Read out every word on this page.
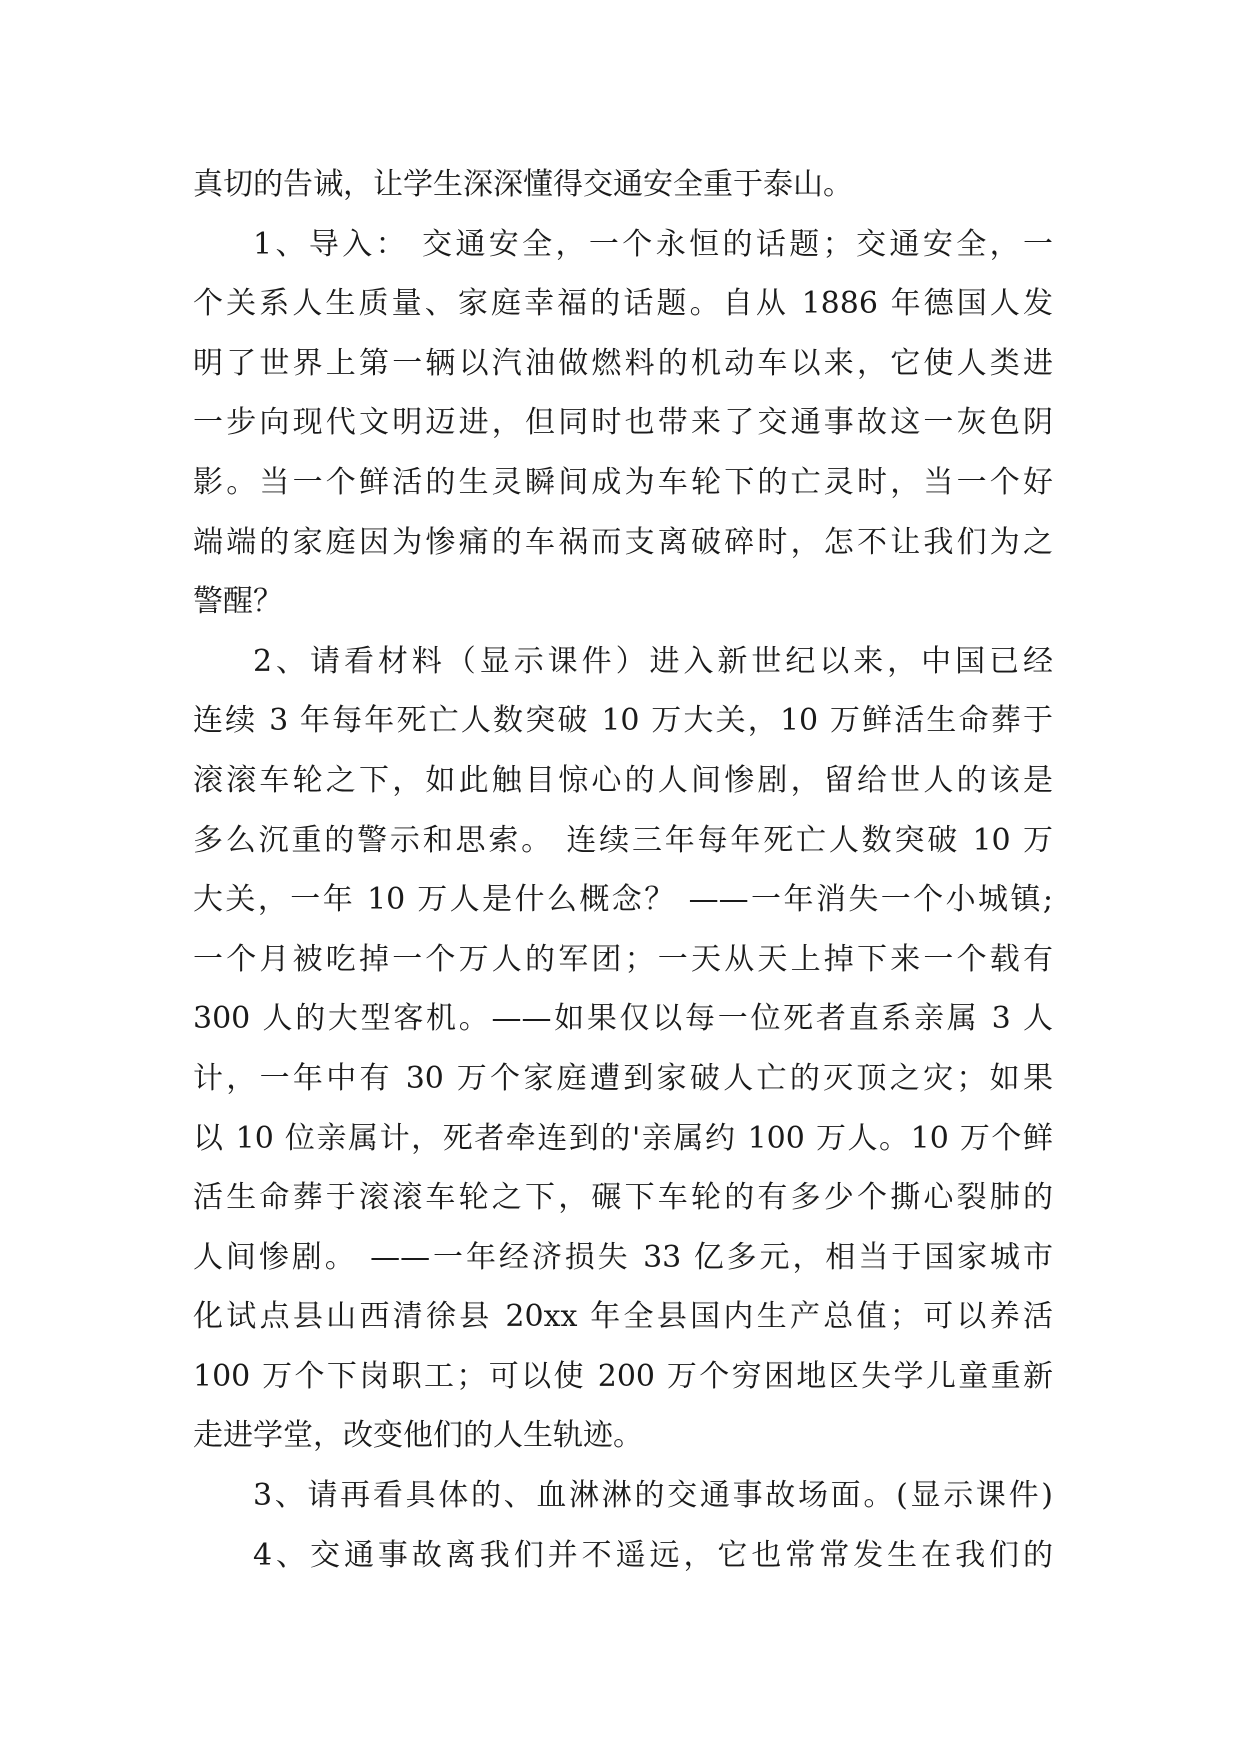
真切的告诫，让学生深深懂得交通安全重于泰山。
1、导入： 交通安全，一个永恒的话题；交通安全，一
个关系人生质量、家庭幸福的话题。自从 1886 年德国人发
明了世界上第一辆以汽油做燃料的机动车以来，它使人类进
一步向现代文明迈进，但同时也带来了交通事故这一灰色阴
影。当一个鲜活的生灵瞬间成为车轮下的亡灵时，当一个好
端端的家庭因为惨痛的车祸而支离破碎时，怎不让我们为之
警醒？
2、请看材料（显示课件）进入新世纪以来，中国已经
连续 3 年每年死亡人数突破 10 万大关，10 万鲜活生命葬于
滚滚车轮之下，如此触目惊心的人间惨剧，留给世人的该是
多么沉重的警示和思索。 连续三年每年死亡人数突破 10 万
大关，一年 10 万人是什么概念？ ——一年消失一个小城镇;
一个月被吃掉一个万人的军团；一天从天上掉下来一个载有
300 人的大型客机。——如果仅以每一位死者直系亲属 3 人
计，一年中有 30 万个家庭遭到家破人亡的灭顶之灾；如果
以 10 位亲属计，死者牵连到的'亲属约 100 万人。10 万个鲜
活生命葬于滚滚车轮之下，碾下车轮的有多少个撕心裂肺的
人间惨剧。 ——一年经济损失 33 亿多元，相当于国家城市
化试点县山西清徐县 20xx 年全县国内生产总值；可以养活
100 万个下岗职工；可以使 200 万个穷困地区失学儿童重新
走进学堂，改变他们的人生轨迹。
3、请再看具体的、血淋淋的交通事故场面。(显示课件)
4、交通事故离我们并不遥远，它也常常发生在我们的
